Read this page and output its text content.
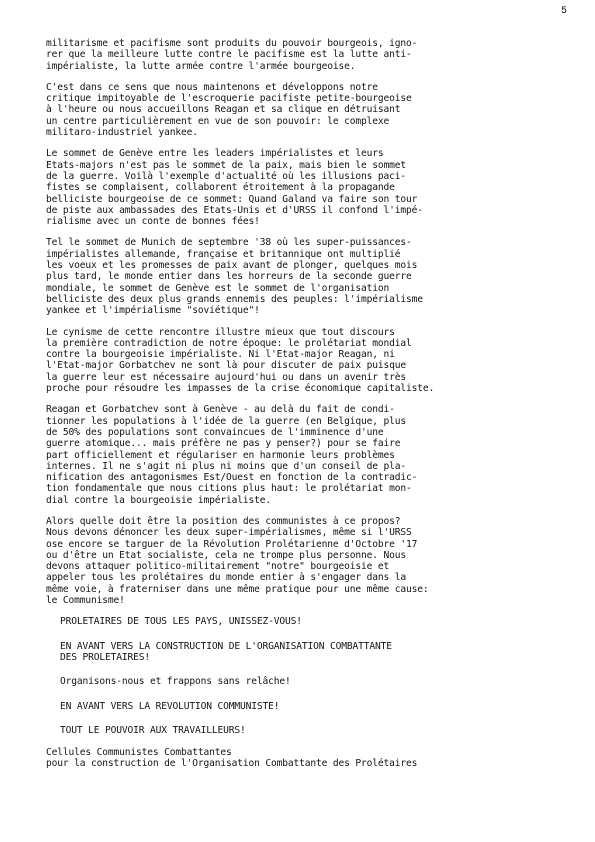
5
militarisme et pacifisme sont produits du pouvoir bourgeois, igno-
rer que la meilleure lutte contre le pacifisme est la lutte anti-
impérialiste, la lutte armée contre l'armée bourgeoise.
C'est dans ce sens que nous maintenons et développons notre
critique impitoyable de l'escroquerie pacifiste petite-bourgeoise
à l'heure ou nous accueillons Reagan et sa clique en détruisant
un centre particulièrement en vue de son pouvoir: le complexe
militaro-industriel yankee.
Le sommet de Genève entre les leaders impérialistes et leurs
Etats-majors n'est pas le sommet de la paix, mais bien le sommet
de la guerre. Voilà l'exemple d'actualité où les illusions paci-
fistes se complaisent, collaborent étroitement à la propagande
belliciste bourgeoise de ce sommet: Quand Galand va faire son tour
de piste aux ambassades des Etats-Unis et d'URSS il confond l'impé-
rialisme avec un conte de bonnes fées!
Tel le sommet de Munich de septembre '38 où les super-puissances-
impérialistes allemande, française et britannique ont multiplié
les voeux et les promesses de paix avant de plonger, quelques mois
plus tard, le monde entier dans les horreurs de la seconde guerre
mondiale, le sommet de Genève est le sommet de l'organisation
belliciste des deux plus grands ennemis des peuples: l'impérialisme
yankee et l'impérialisme "soviétique"!
Le cynisme de cette rencontre illustre mieux que tout discours
la première contradiction de notre époque: le prolétariat mondial
contre la bourgeoisie impérialiste. Ni l'Etat-major Reagan, ni
l'Etat-major Gorbatchev ne sont là pour discuter de paix puisque
la guerre leur est nécessaire aujourd'hui ou dans un avenir très
proche pour résoudre les impasses de la crise économique capitaliste.
Reagan et Gorbatchev sont à Genève - au delà du fait de condi-
tionner les populations à l'idée de la guerre (en Belgique, plus
de 50% des populations sont convaincues de l'imminence d'une
guerre atomique... mais préfère ne pas y penser?) pour se faire
part officiellement et régulariser en harmonie leurs problèmes
internes. Il ne s'agit ni plus ni moins que d'un conseil de pla-
nification des antagonismes Est/Ouest en fonction de la contradic-
tion fondamentale que nous citions plus haut: le prolétariat mon-
dial contre la bourgeoisie impérialiste.
Alors quelle doit être la position des communistes à ce propos?
Nous devons dénoncer les deux super-impérialismes, même si l'URSS
ose encore se targuer de la Révolution Prolétarienne d'Octobre '17
ou d'être un Etat socialiste, cela ne trompe plus personne. Nous
devons attaquer politico-militairement "notre" bourgeoisie et
appeler tous les prolétaires du monde entier à s'engager dans la
même voie, à fraterniser dans une même pratique pour une même cause:
le Communisme!
PROLETAIRES DE TOUS LES PAYS, UNISSEZ-VOUS!
EN AVANT VERS LA CONSTRUCTION DE L'ORGANISATION COMBATTANTE
DES PROLETAIRES!
Organisons-nous et frappons sans relâche!
EN AVANT VERS LA REVOLUTION COMMUNISTE!
TOUT LE POUVOIR AUX TRAVAILLEURS!
Cellules Communistes Combattantes
pour la construction de l'Organisation Combattante des Prolétaires
